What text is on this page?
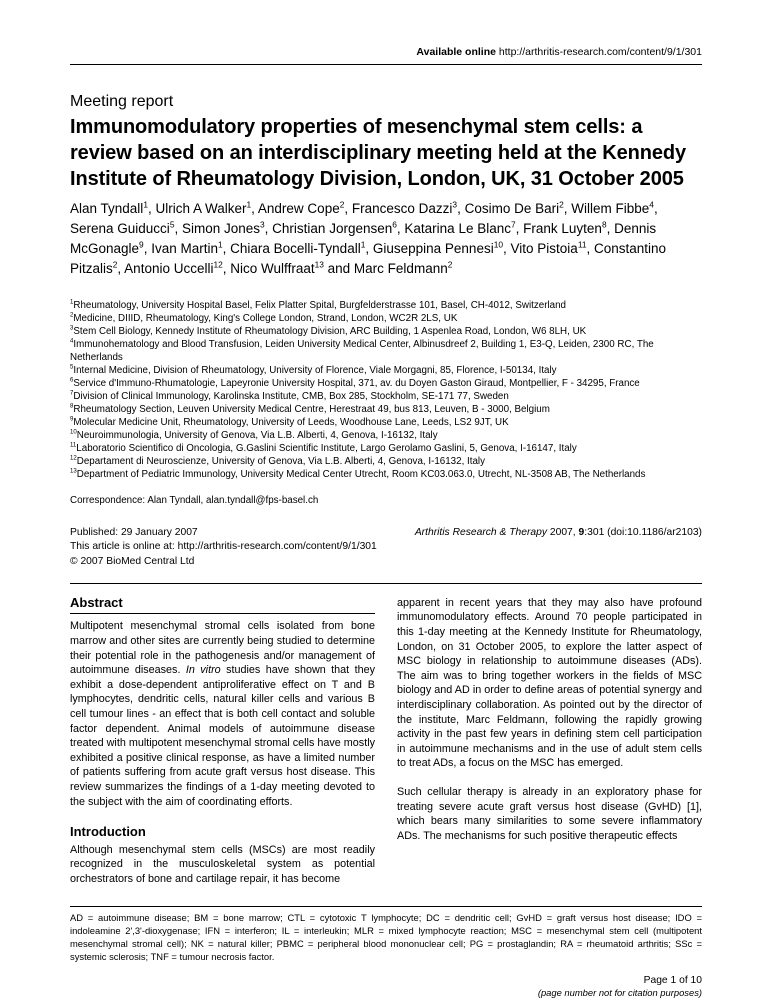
Available online http://arthritis-research.com/content/9/1/301
Meeting report
Immunomodulatory properties of mesenchymal stem cells: a review based on an interdisciplinary meeting held at the Kennedy Institute of Rheumatology Division, London, UK, 31 October 2005
Alan Tyndall$^1$, Ulrich A Walker$^1$, Andrew Cope$^2$, Francesco Dazzi$^3$, Cosimo De Bari$^2$, Willem Fibbe$^4$, Serena Guiducci$^5$, Simon Jones$^3$, Christian Jorgensen$^6$, Katarina Le Blanc$^7$, Frank Luyten$^8$, Dennis McGonagle$^9$, Ivan Martin$^1$, Chiara Bocelli-Tyndall$^1$, Giuseppina Pennesi$^{10}$, Vito Pistoia$^{11}$, Constantino Pitzalis$^2$, Antonio Uccelli$^{12}$, Nico Wulffraat$^{13}$ and Marc Feldmann$^2$
$^1$Rheumatology, University Hospital Basel, Felix Platter Spital, Burgfelderstrasse 101, Basel, CH-4012, Switzerland
$^2$Medicine, DIIID, Rheumatology, King's College London, Strand, London, WC2R 2LS, UK
$^3$Stem Cell Biology, Kennedy Institute of Rheumatology Division, ARC Building, 1 Aspenlea Road, London, W6 8LH, UK
$^4$Immunohematology and Blood Transfusion, Leiden University Medical Center, Albinusdreef 2, Building 1, E3-Q, Leiden, 2300 RC, The Netherlands
$^5$Internal Medicine, Division of Rheumatology, University of Florence, Viale Morgagni, 85, Florence, I-50134, Italy
$^6$Service d'Immuno-Rhumatologie, Lapeyronie University Hospital, 371, av. du Doyen Gaston Giraud, Montpellier, F - 34295, France
$^7$Division of Clinical Immunology, Karolinska Institute, CMB, Box 285, Stockholm, SE-171 77, Sweden
$^8$Rheumatology Section, Leuven University Medical Centre, Herestraat 49, bus 813, Leuven, B - 3000, Belgium
$^9$Molecular Medicine Unit, Rheumatology, University of Leeds, Woodhouse Lane, Leeds, LS2 9JT, UK
$^{10}$Neuroimmunologia, University of Genova, Via L.B. Alberti, 4, Genova, I-16132, Italy
$^{11}$Laboratorio Scientifico di Oncologia, G.Gaslini Scientific Institute, Largo Gerolamo Gaslini, 5, Genova, I-16147, Italy
$^{12}$Departament di Neuroscienze, University of Genova, Via L.B. Alberti, 4, Genova, I-16132, Italy
$^{13}$Department of Pediatric Immunology, University Medical Center Utrecht, Room KC03.063.0, Utrecht, NL-3508 AB, The Netherlands
Correspondence: Alan Tyndall, alan.tyndall@fps-basel.ch
Published: 29 January 2007
This article is online at: http://arthritis-research.com/content/9/1/301
© 2007 BioMed Central Ltd
Arthritis Research & Therapy 2007, 9:301 (doi:10.1186/ar2103)
Abstract
Multipotent mesenchymal stromal cells isolated from bone marrow and other sites are currently being studied to determine their potential role in the pathogenesis and/or management of autoimmune diseases. In vitro studies have shown that they exhibit a dose-dependent antiproliferative effect on T and B lymphocytes, dendritic cells, natural killer cells and various B cell tumour lines - an effect that is both cell contact and soluble factor dependent. Animal models of autoimmune disease treated with multipotent mesenchymal stromal cells have mostly exhibited a positive clinical response, as have a limited number of patients suffering from acute graft versus host disease. This review summarizes the findings of a 1-day meeting devoted to the subject with the aim of coordinating efforts.
Introduction
Although mesenchymal stem cells (MSCs) are most readily recognized in the musculoskeletal system as potential orchestrators of bone and cartilage repair, it has become
apparent in recent years that they may also have profound immunomodulatory effects. Around 70 people participated in this 1-day meeting at the Kennedy Institute for Rheumatology, London, on 31 October 2005, to explore the latter aspect of MSC biology in relationship to autoimmune diseases (ADs). The aim was to bring together workers in the fields of MSC biology and AD in order to define areas of potential synergy and interdisciplinary collaboration. As pointed out by the director of the institute, Marc Feldmann, following the rapidly growing activity in the past few years in defining stem cell participation in autoimmune mechanisms and in the use of adult stem cells to treat ADs, a focus on the MSC has emerged.
Such cellular therapy is already in an exploratory phase for treating severe acute graft versus host disease (GvHD) [1], which bears many similarities to some severe inflammatory ADs. The mechanisms for such positive therapeutic effects
AD = autoimmune disease; BM = bone marrow; CTL = cytotoxic T lymphocyte; DC = dendritic cell; GvHD = graft versus host disease; IDO = indoleamine 2',3'-dioxygenase; IFN = interferon; IL = interleukin; MLR = mixed lymphocyte reaction; MSC = mesenchymal stem cell (multipotent mesenchymal stromal cell); NK = natural killer; PBMC = peripheral blood mononuclear cell; PG = prostaglandin; RA = rheumatoid arthritis; SSc = systemic sclerosis; TNF = tumour necrosis factor.
Page 1 of 10
(page number not for citation purposes)
